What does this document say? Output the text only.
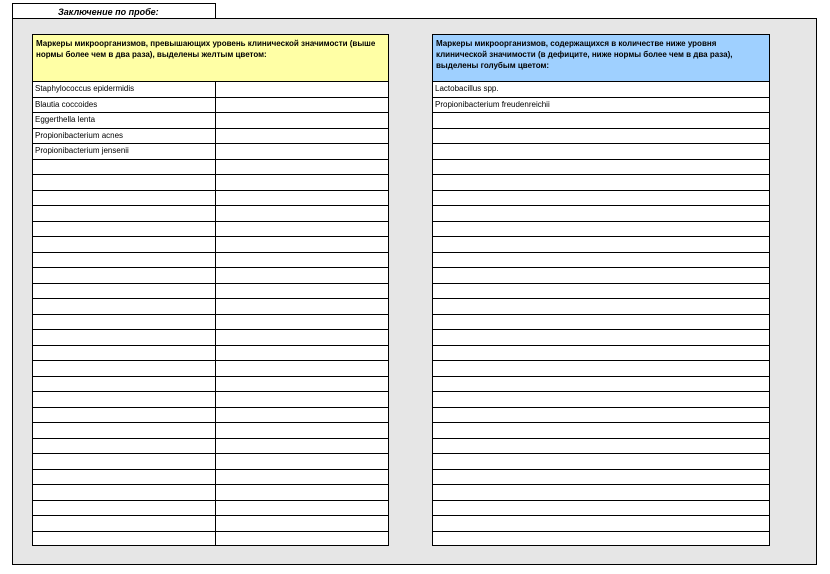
Заключение по пробе:
Маркеры микроорганизмов, превышающих уровень клинической значимости (выше нормы более чем в два раза), выделены желтым цветом:
Staphylococcus epidermidis
Blautia coccoides
Eggerthella lenta
Propionibacterium acnes
Propionibacterium jensenii
Маркеры микроорганизмов, содержащихся в количестве ниже уровня клинической значимости (в дефиците, ниже нормы более чем в два раза), выделены голубым цветом:
Lactobacillus spp.
Propionibacterium freudenreichii
